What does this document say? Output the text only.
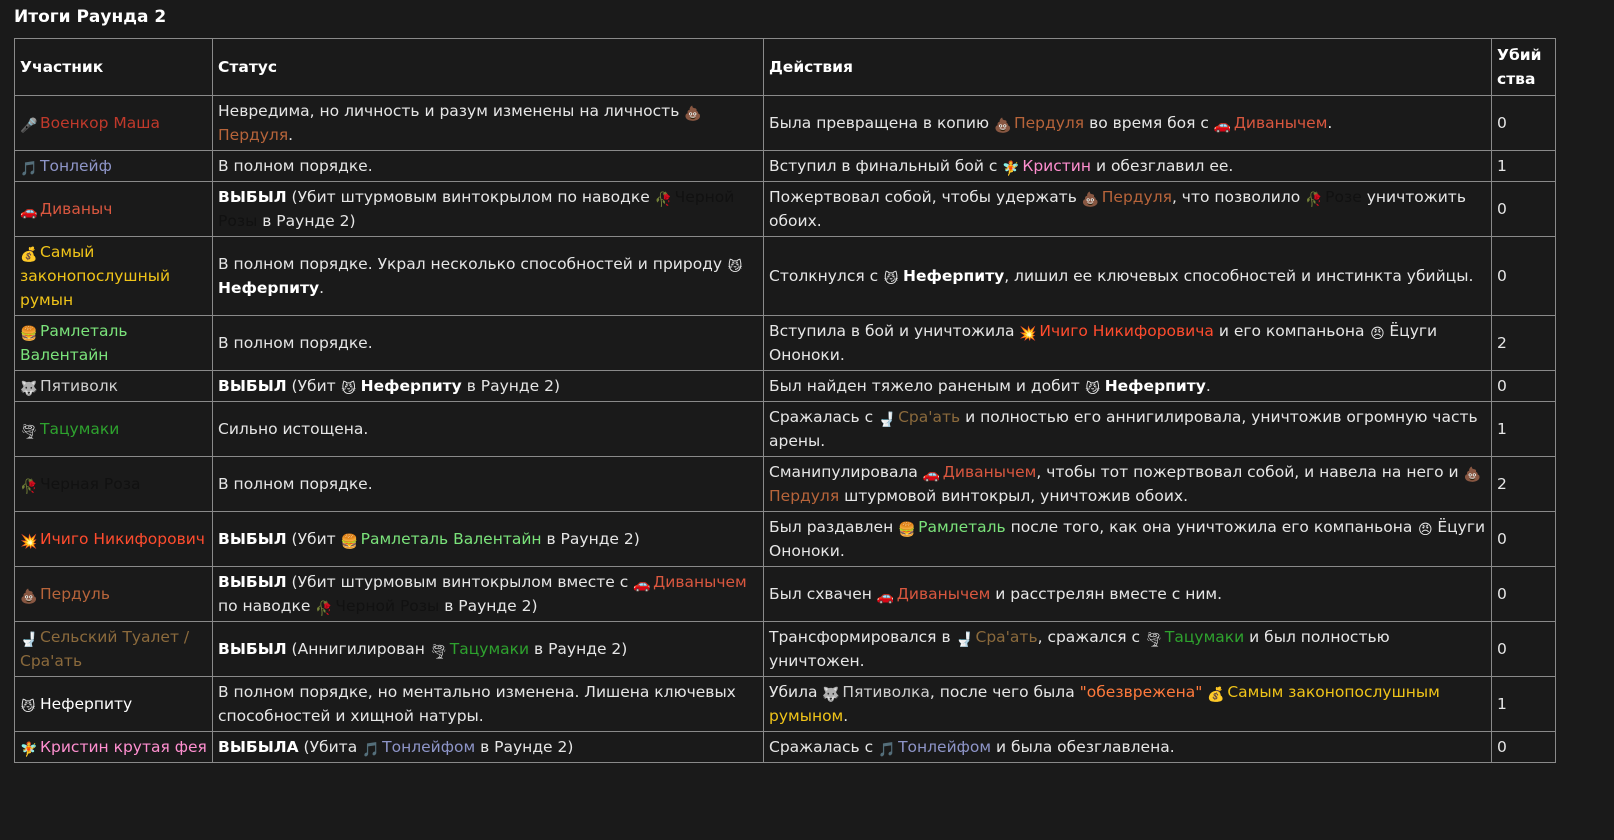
Итоги Раунда 2
Участник	Статус	Действия	Убийства
🎤 Военкор Маша	Невредима, но личность и разум изменены на личность 💩Пердуля.	Была превращена в копию 💩 Пердуля во время боя с 🚗 Диванычем.	0
🎵 Тонлейф	В полном порядке.	Вступил в финальный бой с 🧚 Кристин и обезглавил ее.	1
🚗 Диваныч	ВЫБЫЛ (Убит штурмовым винтокрылом по наводке 🥀 Черной Розы в Раунде 2)	Пожертвовал собой, чтобы удержать 💩 Пердуля, что позволило 🥀 Розе уничтожить обоих.	0
💰 Самый законопослушный румын	В полном порядке. Украл несколько способностей и природу 😼Неферпиту.	Столкнулся с 😼 Неферпиту, лишил ее ключевых способностей и инстинкта убийцы.	0
🍔 Рамлеталь Валентайн	В полном порядке.	Вступила в бой и уничтожила 💥 Ичиго Никифоровича и его компаньона 😠 Ёцуги Ононоки.	2
🐺 Пятиволк	ВЫБЫЛ (Убит 😼 Неферпиту в Раунде 2)	Был найден тяжело раненым и добит 😼 Неферпиту.	0
🌪 Тацумаки	Сильно истощена.	Сражалась с 🚽 Сра'ать и полностью его аннигилировала, уничтожив огромную часть арены.	1
🥀 Черная Роза	В полном порядке.	Сманипулировала 🚗 Диванычем, чтобы тот пожертвовал собой, и навела на него и 💩Пердуля штурмовой винтокрыл, уничтожив обоих.	2
💥 Ичиго Никифорович	ВЫБЫЛ (Убит 🍔 Рамлеталь Валентайн в Раунде 2)	Был раздавлен 🍔 Рамлеталь после того, как она уничтожила его компаньона 😠 Ёцуги Ононоки.	0
💩 Пердуль	ВЫБЫЛ (Убит штурмовым винтокрылом вместе с 🚗 Диванычем по наводке 🥀 Черной Розы в Раунде 2)	Был схвачен 🚗 Диванычем и расстрелян вместе с ним.	0
🚽 Сельский Туалет / Сра'ать	ВЫБЫЛ (Аннигилирован 🌪 Тацумаки в Раунде 2)	Трансформировался в 🚽 Сра'ать, сражался с 🌪 Тацумаки и был полностью уничтожен.	0
😼 Неферпиту	В полном порядке, но ментально изменена. Лишена ключевых способностей и хищной натуры.	Убила 🐺 Пятиволка, после чего была "обезврежена" 💰 Самым законопослушным румыном.	1
🧚 Кристин крутая фея	ВЫБЫЛА (Убита 🎵 Тонлейфом в Раунде 2)	Сражалась с 🎵 Тонлейфом и была обезглавлена.	0
